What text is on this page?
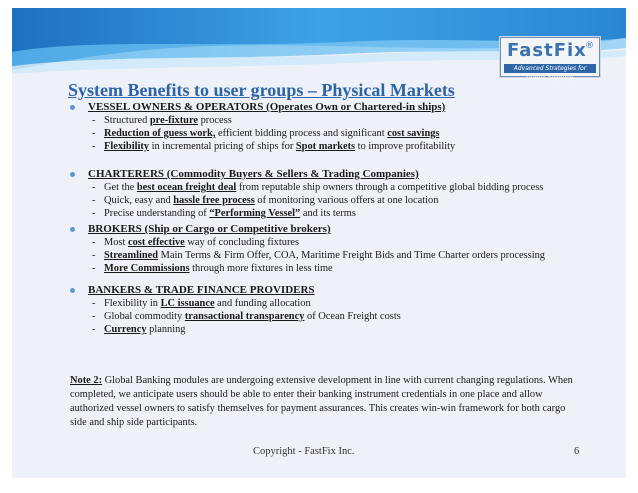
FastFix
®
Advanced Strategies for Global Shipping
System Benefits to user groups – Physical Markets
VESSEL OWNERS & OPERATORS (Operates Own or Chartered-in ships)
- Structured pre-fixture process
- Reduction of guess work, efficient bidding process and significant cost savings
- Flexibility in incremental pricing of ships for Spot markets to improve profitability
CHARTERERS (Commodity Buyers & Sellers & Trading Companies)
- Get the best ocean freight deal from reputable ship owners through a competitive global bidding process
- Quick, easy and hassle free process of monitoring various offers at one location
- Precise understanding of “Performing Vessel” and its terms
BROKERS (Ship or Cargo or Competitive brokers)
- Most cost effective way of concluding fixtures
- Streamlined Main Terms & Firm Offer, COA, Maritime Freight Bids and Time Charter orders processing
- More Commissions through more fixtures in less time
BANKERS & TRADE FINANCE PROVIDERS
- Flexibility in LC issuance and funding allocation
- Global commodity transactional transparency of Ocean Freight costs
- Currency planning
Note 2: Global Banking modules are undergoing extensive development in line with current changing regulations. When completed, we anticipate users should be able to enter their banking instrument credentials in one place and allow authorized vessel owners to satisfy themselves for payment assurances. This creates win-win framework for both cargo side and ship side participants.
Copyright - FastFix Inc.	6
